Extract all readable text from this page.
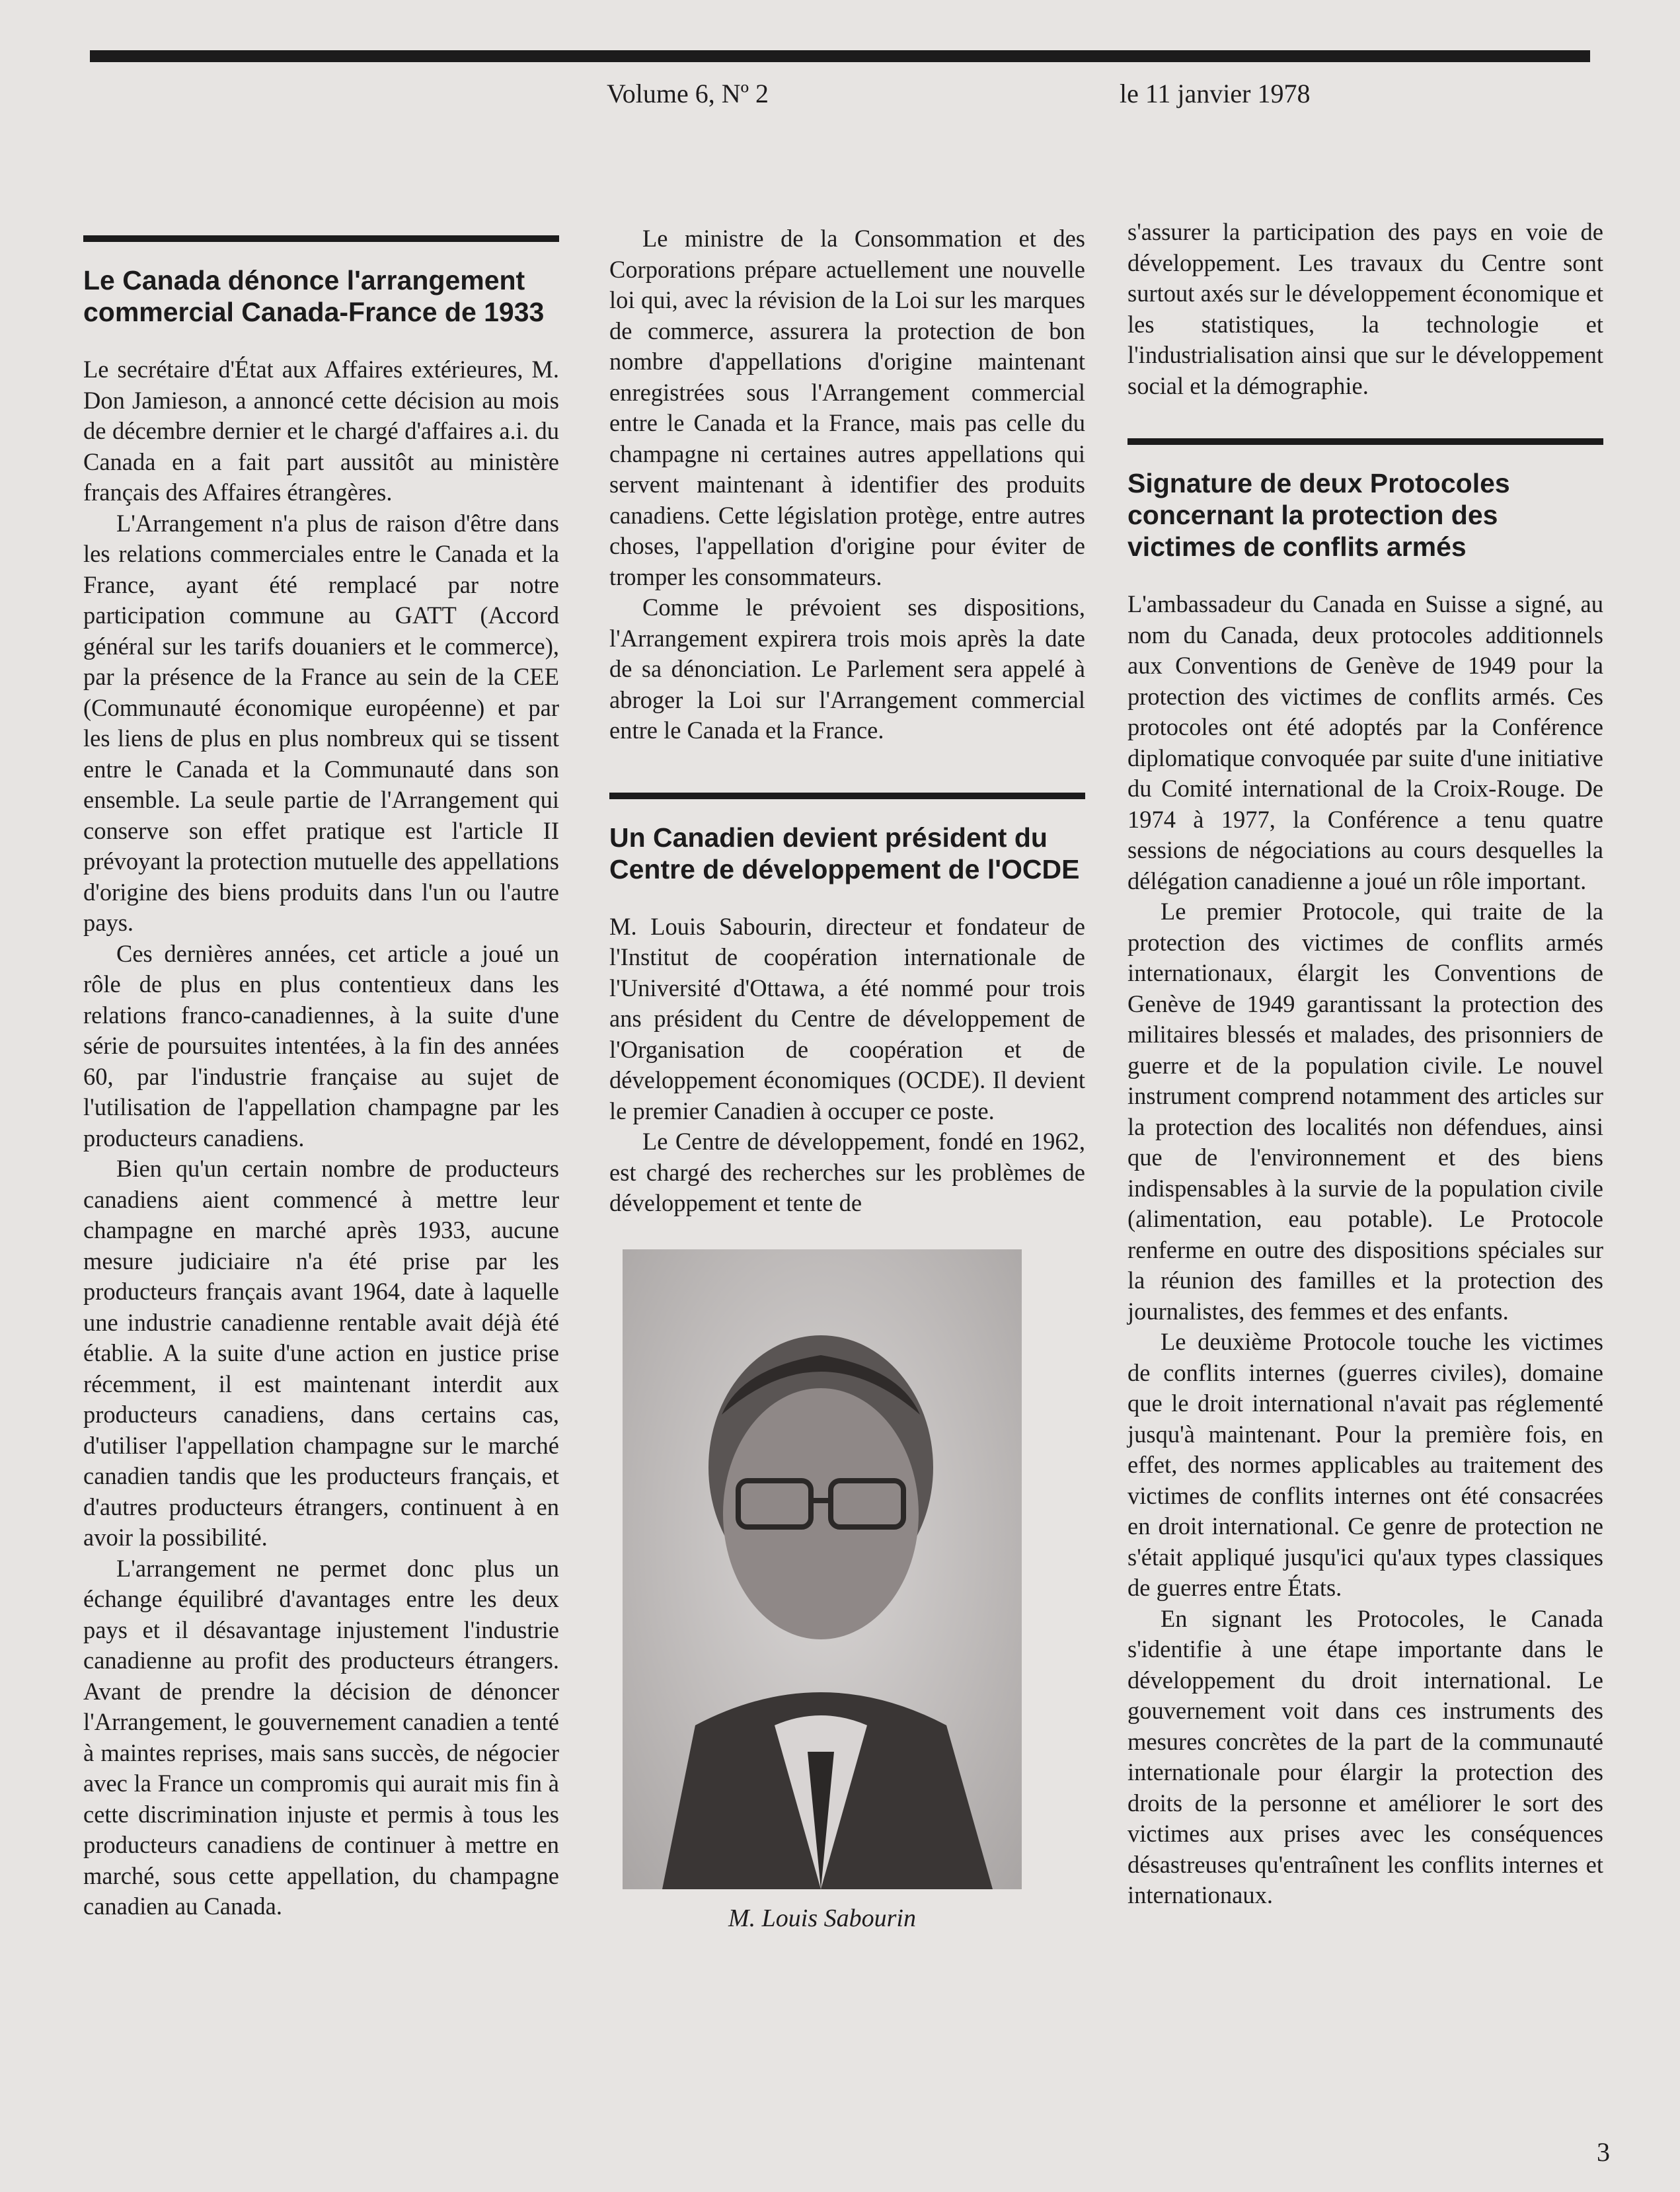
Volume 6, Nº 2	le 11 janvier 1978
Le Canada dénonce l'arrangement commercial Canada-France de 1933

Le secrétaire d'État aux Affaires extérieures, M. Don Jamieson, a annoncé cette décision au mois de décembre dernier et le chargé d'affaires a.i. du Canada en a fait part aussitôt au ministère français des Affaires étrangères.

L'Arrangement n'a plus de raison d'être dans les relations commerciales entre le Canada et la France, ayant été remplacé par notre participation commune au GATT (Accord général sur les tarifs douaniers et le commerce), par la présence de la France au sein de la CEE (Communauté économique européenne) et par les liens de plus en plus nombreux qui se tissent entre le Canada et la Communauté dans son ensemble. La seule partie de l'Arrangement qui conserve son effet pratique est l'article II prévoyant la protection mutuelle des appellations d'origine des biens produits dans l'un ou l'autre pays.

Ces dernières années, cet article a joué un rôle de plus en plus contentieux dans les relations franco-canadiennes, à la suite d'une série de poursuites intentées, à la fin des années 60, par l'industrie française au sujet de l'utilisation de l'appellation champagne par les producteurs canadiens.

Bien qu'un certain nombre de producteurs canadiens aient commencé à mettre leur champagne en marché après 1933, aucune mesure judiciaire n'a été prise par les producteurs français avant 1964, date à laquelle une industrie canadienne rentable avait déjà été établie. A la suite d'une action en justice prise récemment, il est maintenant interdit aux producteurs canadiens, dans certains cas, d'utiliser l'appellation champagne sur le marché canadien tandis que les producteurs français, et d'autres producteurs étrangers, continuent à en avoir la possibilité.

L'arrangement ne permet donc plus un échange équilibré d'avantages entre les deux pays et il désavantage injustement l'industrie canadienne au profit des producteurs étrangers. Avant de prendre la décision de dénoncer l'Arrangement, le gouvernement canadien a tenté à maintes reprises, mais sans succès, de négocier avec la France un compromis qui aurait mis fin à cette discrimination injuste et permis à tous les producteurs canadiens de continuer à mettre en marché, sous cette appellation, du champagne canadien au Canada.

Le ministre de la Consommation et des Corporations prépare actuellement une nouvelle loi qui, avec la révision de la Loi sur les marques de commerce, assurera la protection de bon nombre d'appellations d'origine maintenant enregistrées sous l'Arrangement commercial entre le Canada et la France, mais pas celle du champagne ni certaines autres appellations qui servent maintenant à identifier des produits canadiens. Cette législation protège, entre autres choses, l'appellation d'origine pour éviter de tromper les consommateurs.

Comme le prévoient ses dispositions, l'Arrangement expirera trois mois après la date de sa dénonciation. Le Parlement sera appelé à abroger la Loi sur l'Arrangement commercial entre le Canada et la France.

Un Canadien devient président du Centre de développement de l'OCDE

M. Louis Sabourin, directeur et fondateur de l'Institut de coopération internationale de l'Université d'Ottawa, a été nommé pour trois ans président du Centre de développement de l'Organisation de coopération et de développement économiques (OCDE). Il devient le premier Canadien à occuper ce poste.

Le Centre de développement, fondé en 1962, est chargé des recherches sur les problèmes de développement et tente de

M. Louis Sabourin

s'assurer la participation des pays en voie de développement. Les travaux du Centre sont surtout axés sur le développement économique et les statistiques, la technologie et l'industrialisation ainsi que sur le développement social et la démographie.

Signature de deux Protocoles concernant la protection des victimes de conflits armés

L'ambassadeur du Canada en Suisse a signé, au nom du Canada, deux protocoles additionnels aux Conventions de Genève de 1949 pour la protection des victimes de conflits armés. Ces protocoles ont été adoptés par la Conférence diplomatique convoquée par suite d'une initiative du Comité international de la Croix-Rouge. De 1974 à 1977, la Conférence a tenu quatre sessions de négociations au cours desquelles la délégation canadienne a joué un rôle important.

Le premier Protocole, qui traite de la protection des victimes de conflits armés internationaux, élargit les Conventions de Genève de 1949 garantissant la protection des militaires blessés et malades, des prisonniers de guerre et de la population civile. Le nouvel instrument comprend notamment des articles sur la protection des localités non défendues, ainsi que de l'environnement et des biens indispensables à la survie de la population civile (alimentation, eau potable). Le Protocole renferme en outre des dispositions spéciales sur la réunion des familles et la protection des journalistes, des femmes et des enfants.

Le deuxième Protocole touche les victimes de conflits internes (guerres civiles), domaine que le droit international n'avait pas réglementé jusqu'à maintenant. Pour la première fois, en effet, des normes applicables au traitement des victimes de conflits internes ont été consacrées en droit international. Ce genre de protection ne s'était appliqué jusqu'ici qu'aux types classiques de guerres entre États.

En signant les Protocoles, le Canada s'identifie à une étape importante dans le développement du droit international. Le gouvernement voit dans ces instruments des mesures concrètes de la part de la communauté internationale pour élargir la protection des droits de la personne et améliorer le sort des victimes aux prises avec les conséquences désastreuses qu'entraînent les conflits internes et internationaux.

3
